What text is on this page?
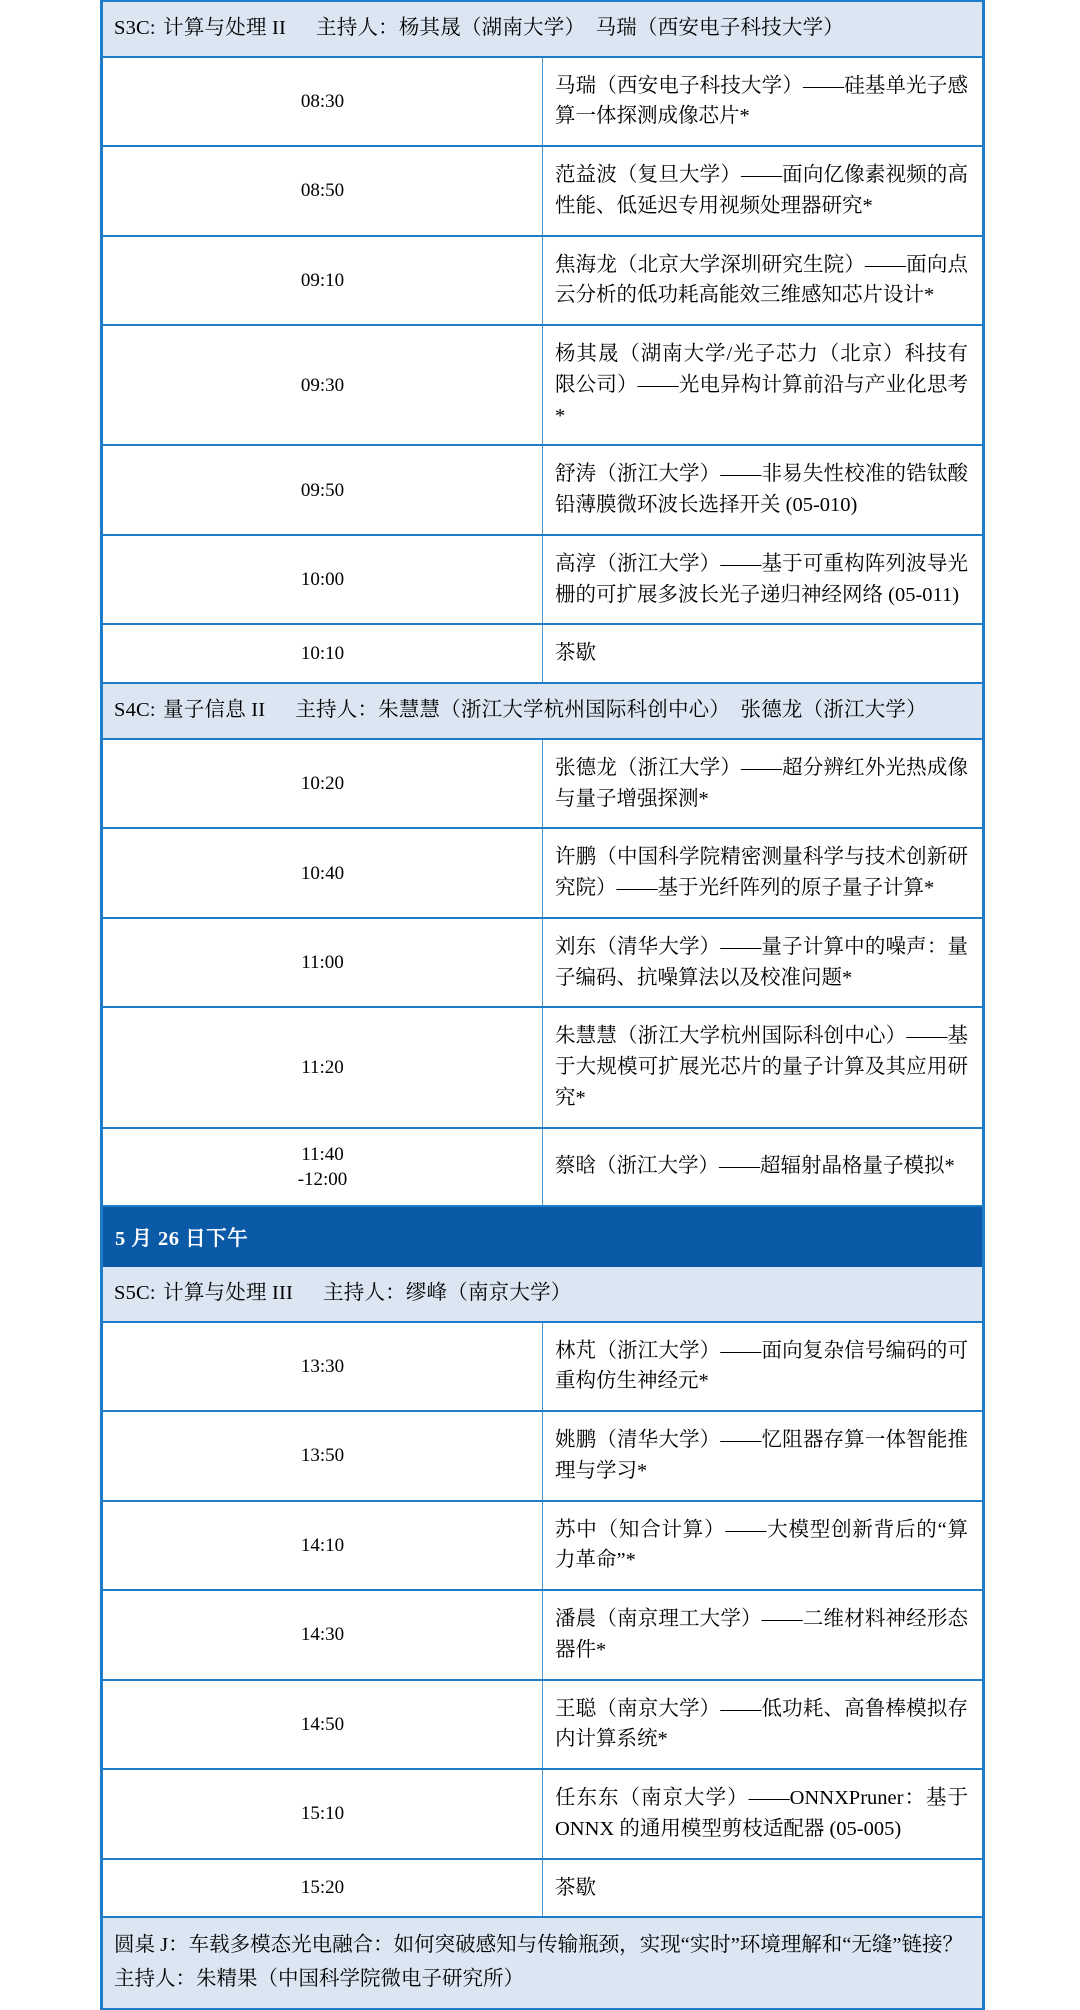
S3C: 计算与处理 II 主持人：杨其晟（湖南大学）　马瑞（西安电子科技大学）	

08:30	马瑞（西安电子科技大学）——硅基单光子感算一体探测成像芯片*

08:50	范益波（复旦大学）——面向亿像素视频的高性能、低延迟专用视频处理器研究*

09:10	焦海龙（北京大学深圳研究生院）——面向点云分析的低功耗高能效三维感知芯片设计*

09:30	杨其晟（湖南大学/光子芯力（北京）科技有限公司）——光电异构计算前沿与产业化思考*

09:50	舒涛（浙江大学）——非易失性校准的锆钛酸铅薄膜微环波长选择开关 (05-010)

10:00	高淳（浙江大学）——基于可重构阵列波导光栅的可扩展多波长光子递归神经网络 (05-011)

10:10	茶歇
S4C: 量子信息 II 主持人：朱慧慧（浙江大学杭州国际科创中心）　张德龙（浙江大学）	

10:20	张德龙（浙江大学）——超分辨红外光热成像与量子增强探测*

10:40	许鹏（中国科学院精密测量科学与技术创新研究院）——基于光纤阵列的原子量子计算*

11:00	刘东（清华大学）——量子计算中的噪声：量子编码、抗噪算法以及校准问题*

11:20	朱慧慧（浙江大学杭州国际科创中心）——基于大规模可扩展光芯片的量子计算及其应用研究*

11:40
-12:00	蔡晗（浙江大学）——超辐射晶格量子模拟*
5 月 26 日下午	
S5C: 计算与处理 III 主持人：缪峰（南京大学）	

13:30	林芃（浙江大学）——面向复杂信号编码的可重构仿生神经元*

13:50	姚鹏（清华大学）——忆阻器存算一体智能推理与学习*

14:10	苏中（知合计算）——大模型创新背后的“算力革命”*

14:30	潘晨（南京理工大学）——二维材料神经形态器件*

14:50	王聪（南京大学）——低功耗、高鲁棒模拟存内计算系统*

15:10	任东东（南京大学）——ONNXPruner：基于 ONNX 的通用模型剪枝适配器 (05-005)

15:20	茶歇

圆桌 J：车载多模态光电融合：如何突破感知与传输瓶颈，实现“实时”环境理解和“无缝”链接？
主持人：朱精果（中国科学院微电子研究所）	
